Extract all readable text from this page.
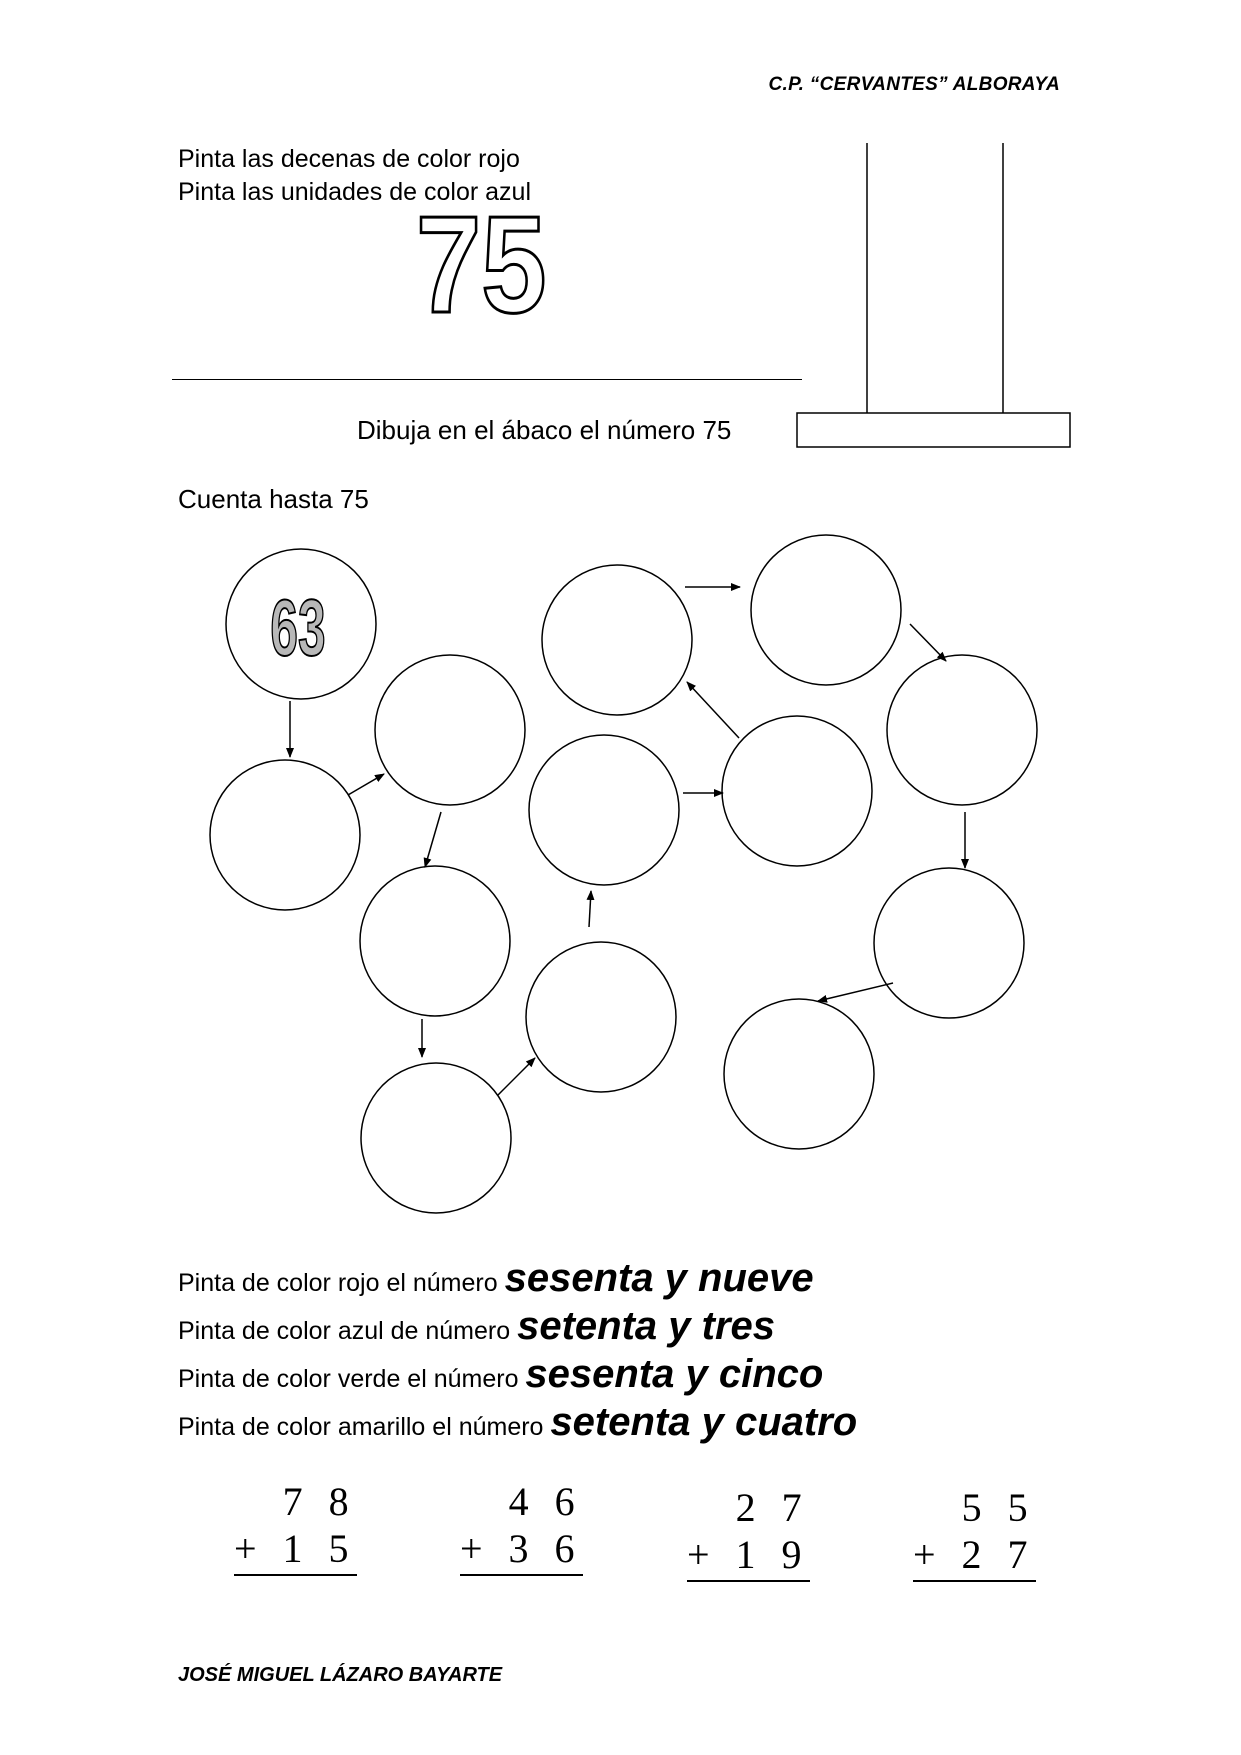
C.P. “CERVANTES” ALBORAYA
Pinta las decenas de color rojo
Pinta las unidades de color azul
75
Dibuja en el ábaco el número 75
Cuenta hasta 75
63
Pinta de color rojo el número sesenta y nueve
Pinta de color azul de número setenta y tres
Pinta de color verde el número sesenta y cinco
Pinta de color amarillo el número setenta y cuatro
7 8
+ 1 5
4 6
+ 3 6
2 7
+ 1 9
5 5
+ 2 7
JOSÉ MIGUEL LÁZARO BAYARTE
